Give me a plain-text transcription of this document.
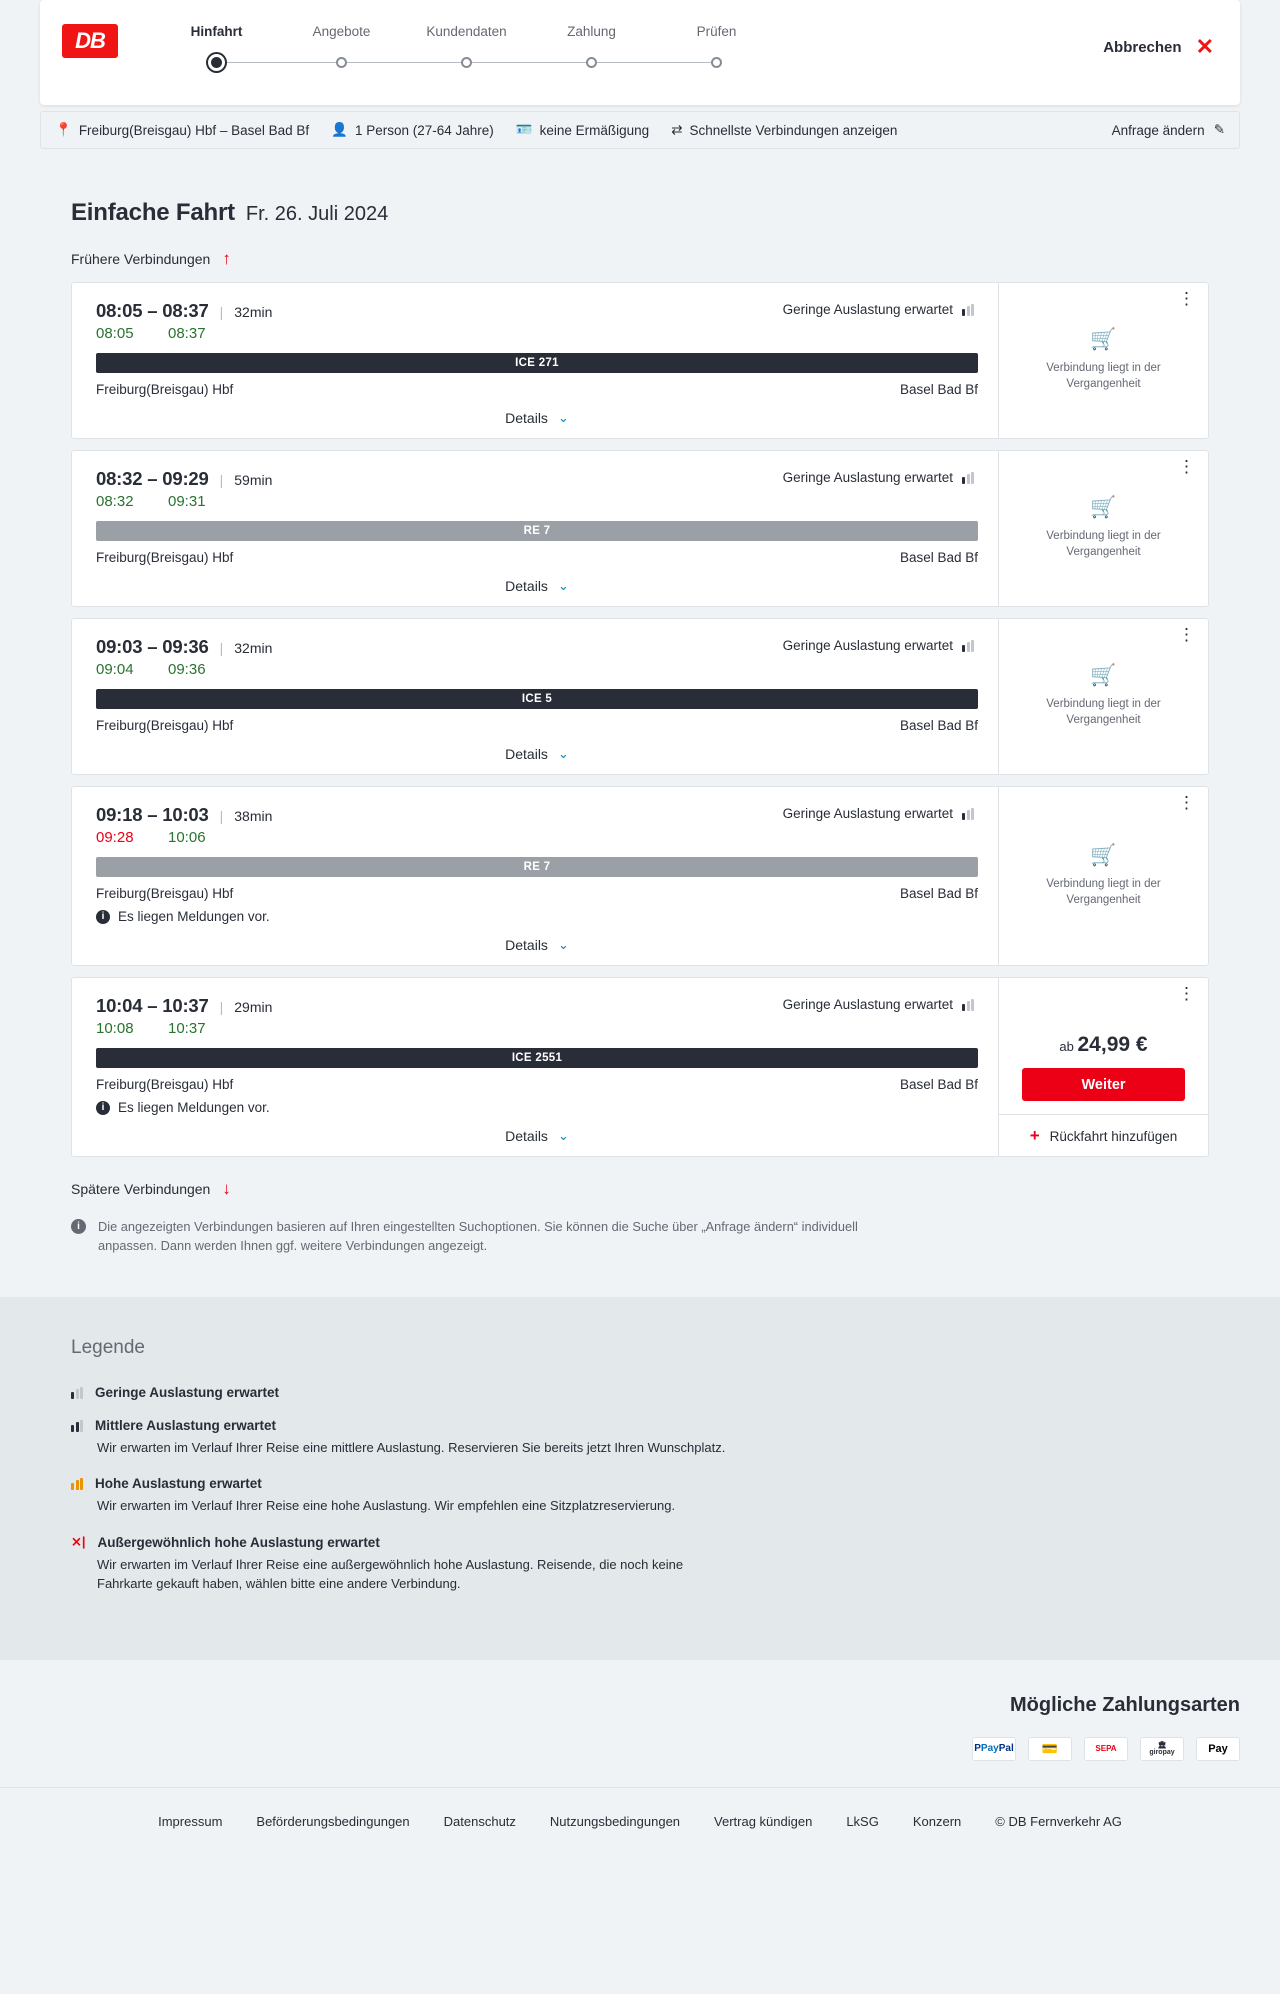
DB	Hinfahrt	Angebote	Kundendaten	Zahlung	Prüfen
Abbrechen ✕
📍 Freiburg(Breisgau) Hbf – Basel Bad Bf 👤 1 Person (27-64 Jahre) 🪪 keine Ermäßigung ⇄ Schnellste Verbindungen anzeigen	Anfrage ändern ✎
Einfache Fahrt Fr. 26. Juli 2024
Frühere Verbindungen ↑
08:05 – 08:37 | 32min	Geringe Auslastung erwartet
08:05	08:37
ICE 271
Freiburg(Breisgau) Hbf	Basel Bad Bf
Details ⌄
⋮
🛒
Verbindung liegt in der Vergangenheit
08:32 – 09:29 | 59min	Geringe Auslastung erwartet
08:32	09:31
RE 7
Freiburg(Breisgau) Hbf	Basel Bad Bf
Details ⌄
⋮
🛒
Verbindung liegt in der Vergangenheit
09:03 – 09:36 | 32min	Geringe Auslastung erwartet
09:04	09:36
ICE 5
Freiburg(Breisgau) Hbf	Basel Bad Bf
Details ⌄
⋮
🛒
Verbindung liegt in der Vergangenheit
09:18 – 10:03 | 38min	Geringe Auslastung erwartet
09:28	10:06
RE 7
Freiburg(Breisgau) Hbf	Basel Bad Bf
i	Es liegen Meldungen vor.
Details ⌄
⋮
🛒
Verbindung liegt in der Vergangenheit
10:04 – 10:37 | 29min	Geringe Auslastung erwartet
10:08	10:37
ICE 2551
Freiburg(Breisgau) Hbf	Basel Bad Bf
i	Es liegen Meldungen vor.
Details ⌄
⋮
ab 24,99 €
Weiter
+ Rückfahrt hinzufügen
Spätere Verbindungen ↓
i	Die angezeigten Verbindungen basieren auf Ihren eingestellten Suchoptionen. Sie können die Suche über „Anfrage ändern“ individuell anpassen. Dann werden Ihnen ggf. weitere Verbindungen angezeigt.
Legende
Geringe Auslastung erwartet
Mittlere Auslastung erwartet
Wir erwarten im Verlauf Ihrer Reise eine mittlere Auslastung. Reservieren Sie bereits jetzt Ihren Wunschplatz.
Hohe Auslastung erwartet
Wir erwarten im Verlauf Ihrer Reise eine hohe Auslastung. Wir empfehlen eine Sitzplatzreservierung.
⨯| Außergewöhnlich hohe Auslastung erwartet
Wir erwarten im Verlauf Ihrer Reise eine außergewöhnlich hohe Auslastung. Reisende, die noch keine Fahrkarte gekauft haben, wählen bitte eine andere Verbindung.
Mögliche Zahlungsarten
P Pay Pal	💳	SEPA	🏛
giropay	Pay
Impressum	Beförderungsbedingungen	Datenschutz	Nutzungsbedingungen	Vertrag kündigen	LkSG	Konzern	© DB Fernverkehr AG
